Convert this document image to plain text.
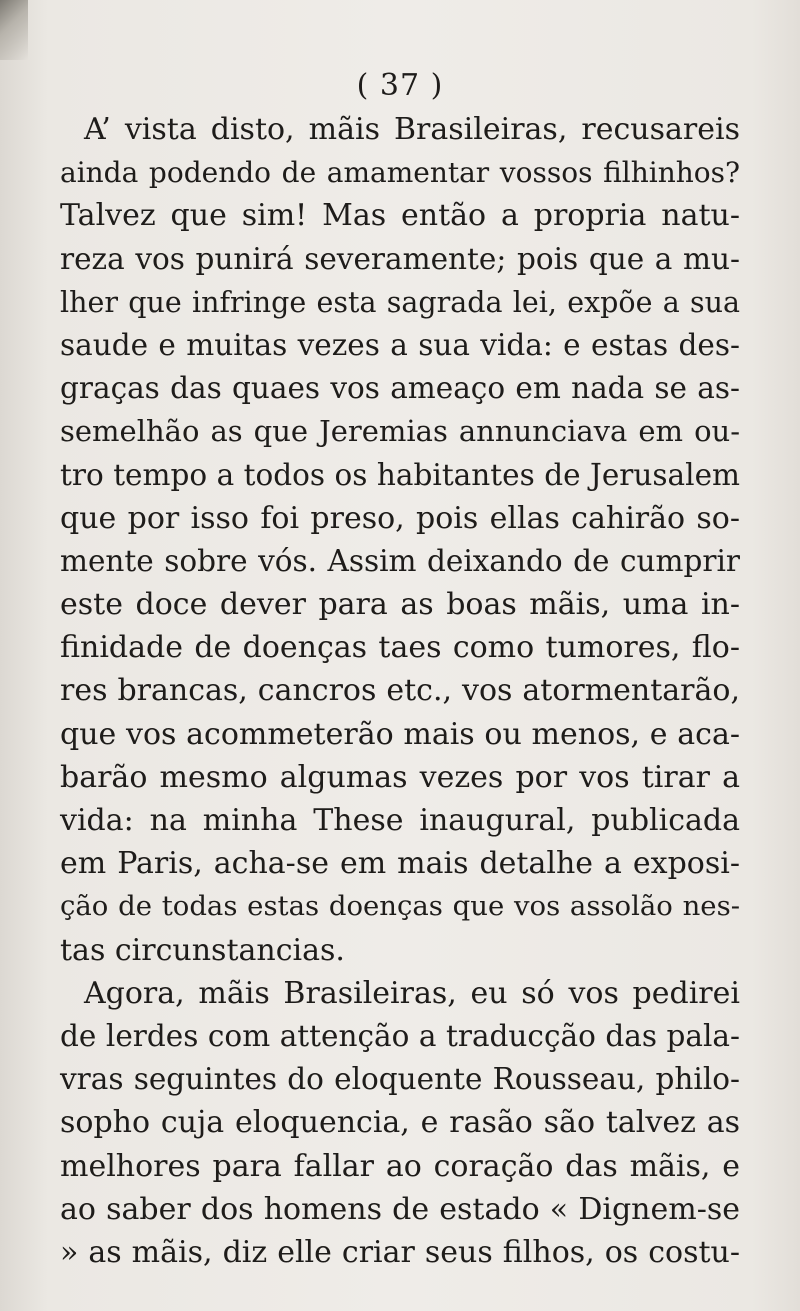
( 37 )
A’ vista disto, mãis Brasileiras, recusareis
ainda podendo de amamentar vossos filhinhos?
Talvez que sim! Mas então a propria natu-
reza vos punirá severamente; pois que a mu-
lher que infringe esta sagrada lei, expõe a sua
saude e muitas vezes a sua vida: e estas des-
graças das quaes vos ameaço em nada se as-
semelhão as que Jeremias annunciava em ou-
tro tempo a todos os habitantes de Jerusalem
que por isso foi preso, pois ellas cahirão so-
mente sobre vós. Assim deixando de cumprir
este doce dever para as boas mãis, uma in-
finidade de doenças taes como tumores, flo-
res brancas, cancros etc., vos atormentarão,
que vos acommeterão mais ou menos, e aca-
barão mesmo algumas vezes por vos tirar a
vida: na minha These inaugural, publicada
em Paris, acha-se em mais detalhe a exposi-
ção de todas estas doenças que vos assolão nes-
tas circunstancias.
Agora, mãis Brasileiras, eu só vos pedirei
de lerdes com attenção a traducção das pala-
vras seguintes do eloquente Rousseau, philo-
sopho cuja eloquencia, e rasão são talvez as
melhores para fallar ao coração das mãis, e
ao saber dos homens de estado « Dignem-se
» as mãis, diz elle criar seus filhos, os costu-
